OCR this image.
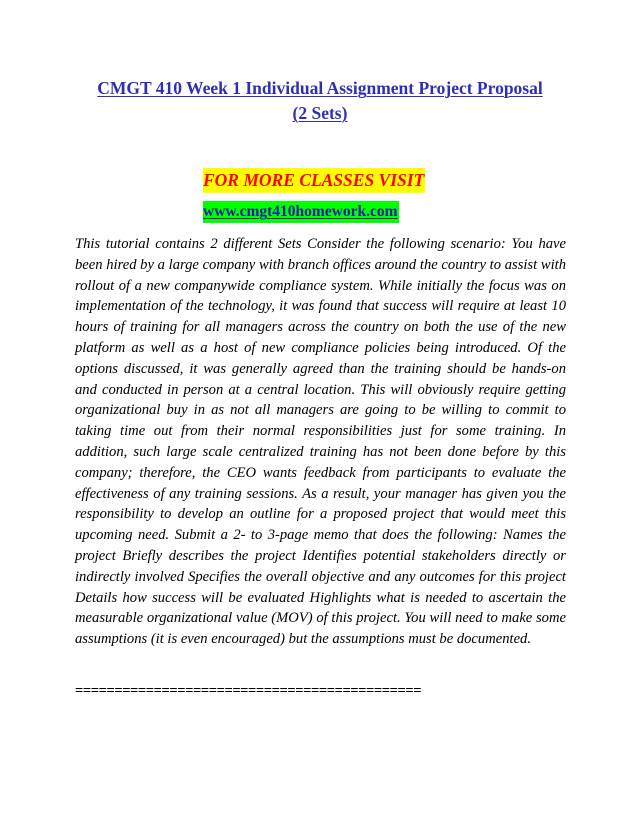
CMGT 410 Week 1 Individual Assignment Project Proposal
(2 Sets)
FOR MORE CLASSES VISIT
www.cmgt410homework.com

This tutorial contains 2 different Sets Consider the following scenario: You have been hired by a large company with branch offices around the country to assist with rollout of a new companywide compliance system. While initially the focus was on implementation of the technology, it was found that success will require at least 10 hours of training for all managers across the country on both the use of the new platform as well as a host of new compliance policies being introduced. Of the options discussed, it was generally agreed than the training should be hands-on and conducted in person at a central location. This will obviously require getting organizational buy in as not all managers are going to be willing to commit to taking time out from their normal responsibilities just for some training. In addition, such large scale centralized training has not been done before by this company; therefore, the CEO wants feedback from participants to evaluate the effectiveness of any training sessions. As a result, your manager has given you the responsibility to develop an outline for a proposed project that would meet this upcoming need. Submit a 2- to 3-page memo that does the following: Names the project Briefly describes the project Identifies potential stakeholders directly or indirectly involved Specifies the overall objective and any outcomes for this project Details how success will be evaluated Highlights what is needed to ascertain the measurable organizational value (MOV) of this project. You will need to make some assumptions (it is even encouraged) but the assumptions must be documented.

============================================
